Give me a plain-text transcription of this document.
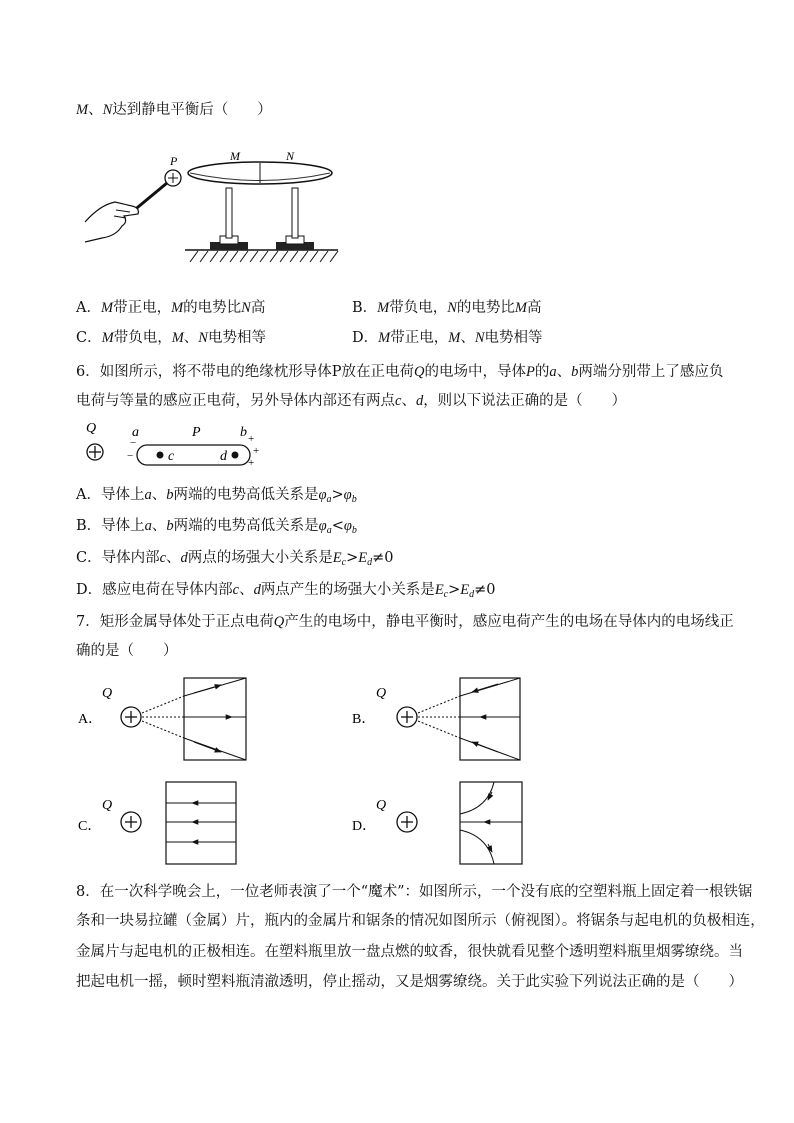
M、N达到静电平衡后（　　）
M	N
P
A．M带正电，M的电势比N高	B．M带负电，N的电势比M高
C．M带负电，M、N电势相等	D．M带正电，M、N电势相等
6．如图所示，将不带电的绝缘枕形导体P放在正电荷Q的电场中，导体P的a、b两端分别带上了感应负
电荷与等量的感应正电荷，另外导体内部还有两点c、d，则以下说法正确的是（　　）
Q	a	P	b
−
−
+
+
+
c	d
A．导体上a、b两端的电势高低关系是$\varphi_a>\varphi_b$
B．导体上a、b两端的电势高低关系是$\varphi_a<\varphi_b$
C．导体内部c、d两点的场强大小关系是$E_c>E_d\ne 0$
D．感应电荷在导体内部c、d两点产生的场强大小关系是$E_c>E_d\ne 0$
7．矩形金属导体处于正点电荷Q产生的电场中，静电平衡时，感应电荷产生的电场在导体内的电场线正
确的是（　　）
A．
Q
B．
Q
C．
Q
D．
Q
8．在一次科学晚会上，一位老师表演了一个“魔术”：如图所示，一个没有底的空塑料瓶上固定着一根铁锯
条和一块易拉罐（金属）片，瓶内的金属片和锯条的情况如图所示（俯视图）。将锯条与起电机的负极相连，
金属片与起电机的正极相连。在塑料瓶里放一盘点燃的蚊香，很快就看见整个透明塑料瓶里烟雾缭绕。当
把起电机一摇，顿时塑料瓶清澈透明，停止摇动，又是烟雾缭绕。关于此实验下列说法正确的是（　　）
